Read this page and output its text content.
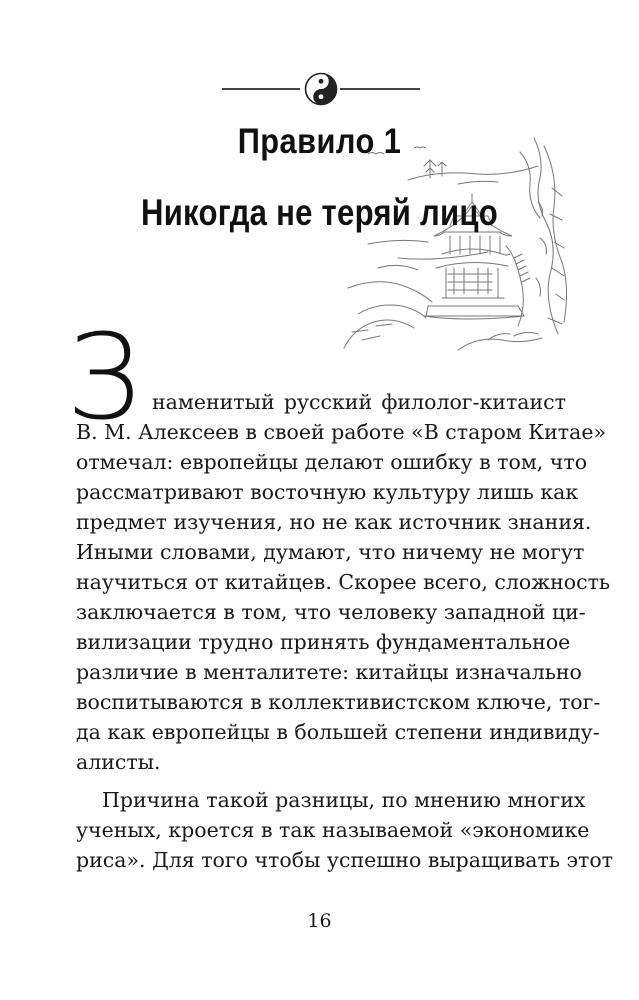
Правило 1
Никогда не теряй лицо
З наменитый русский филолог-китаист
В. М. Алексеев в своей работе «В старом Китае»
отмечал: европейцы делают ошибку в том, что
рассматривают восточную культуру лишь как
предмет изучения, но не как источник знания.
Иными словами, думают, что ничему не могут
научиться от китайцев. Скорее всего, сложность
заключается в том, что человеку западной ци-
вилизации трудно принять фундаментальное
различие в менталитете: китайцы изначально
воспитываются в коллективистском ключе, тог-
да как европейцы в большей степени индивиду-
алисты.
Причина такой разницы, по мнению многих
ученых, кроется в так называемой «экономике
риса». Для того чтобы успешно выращивать этот
16
